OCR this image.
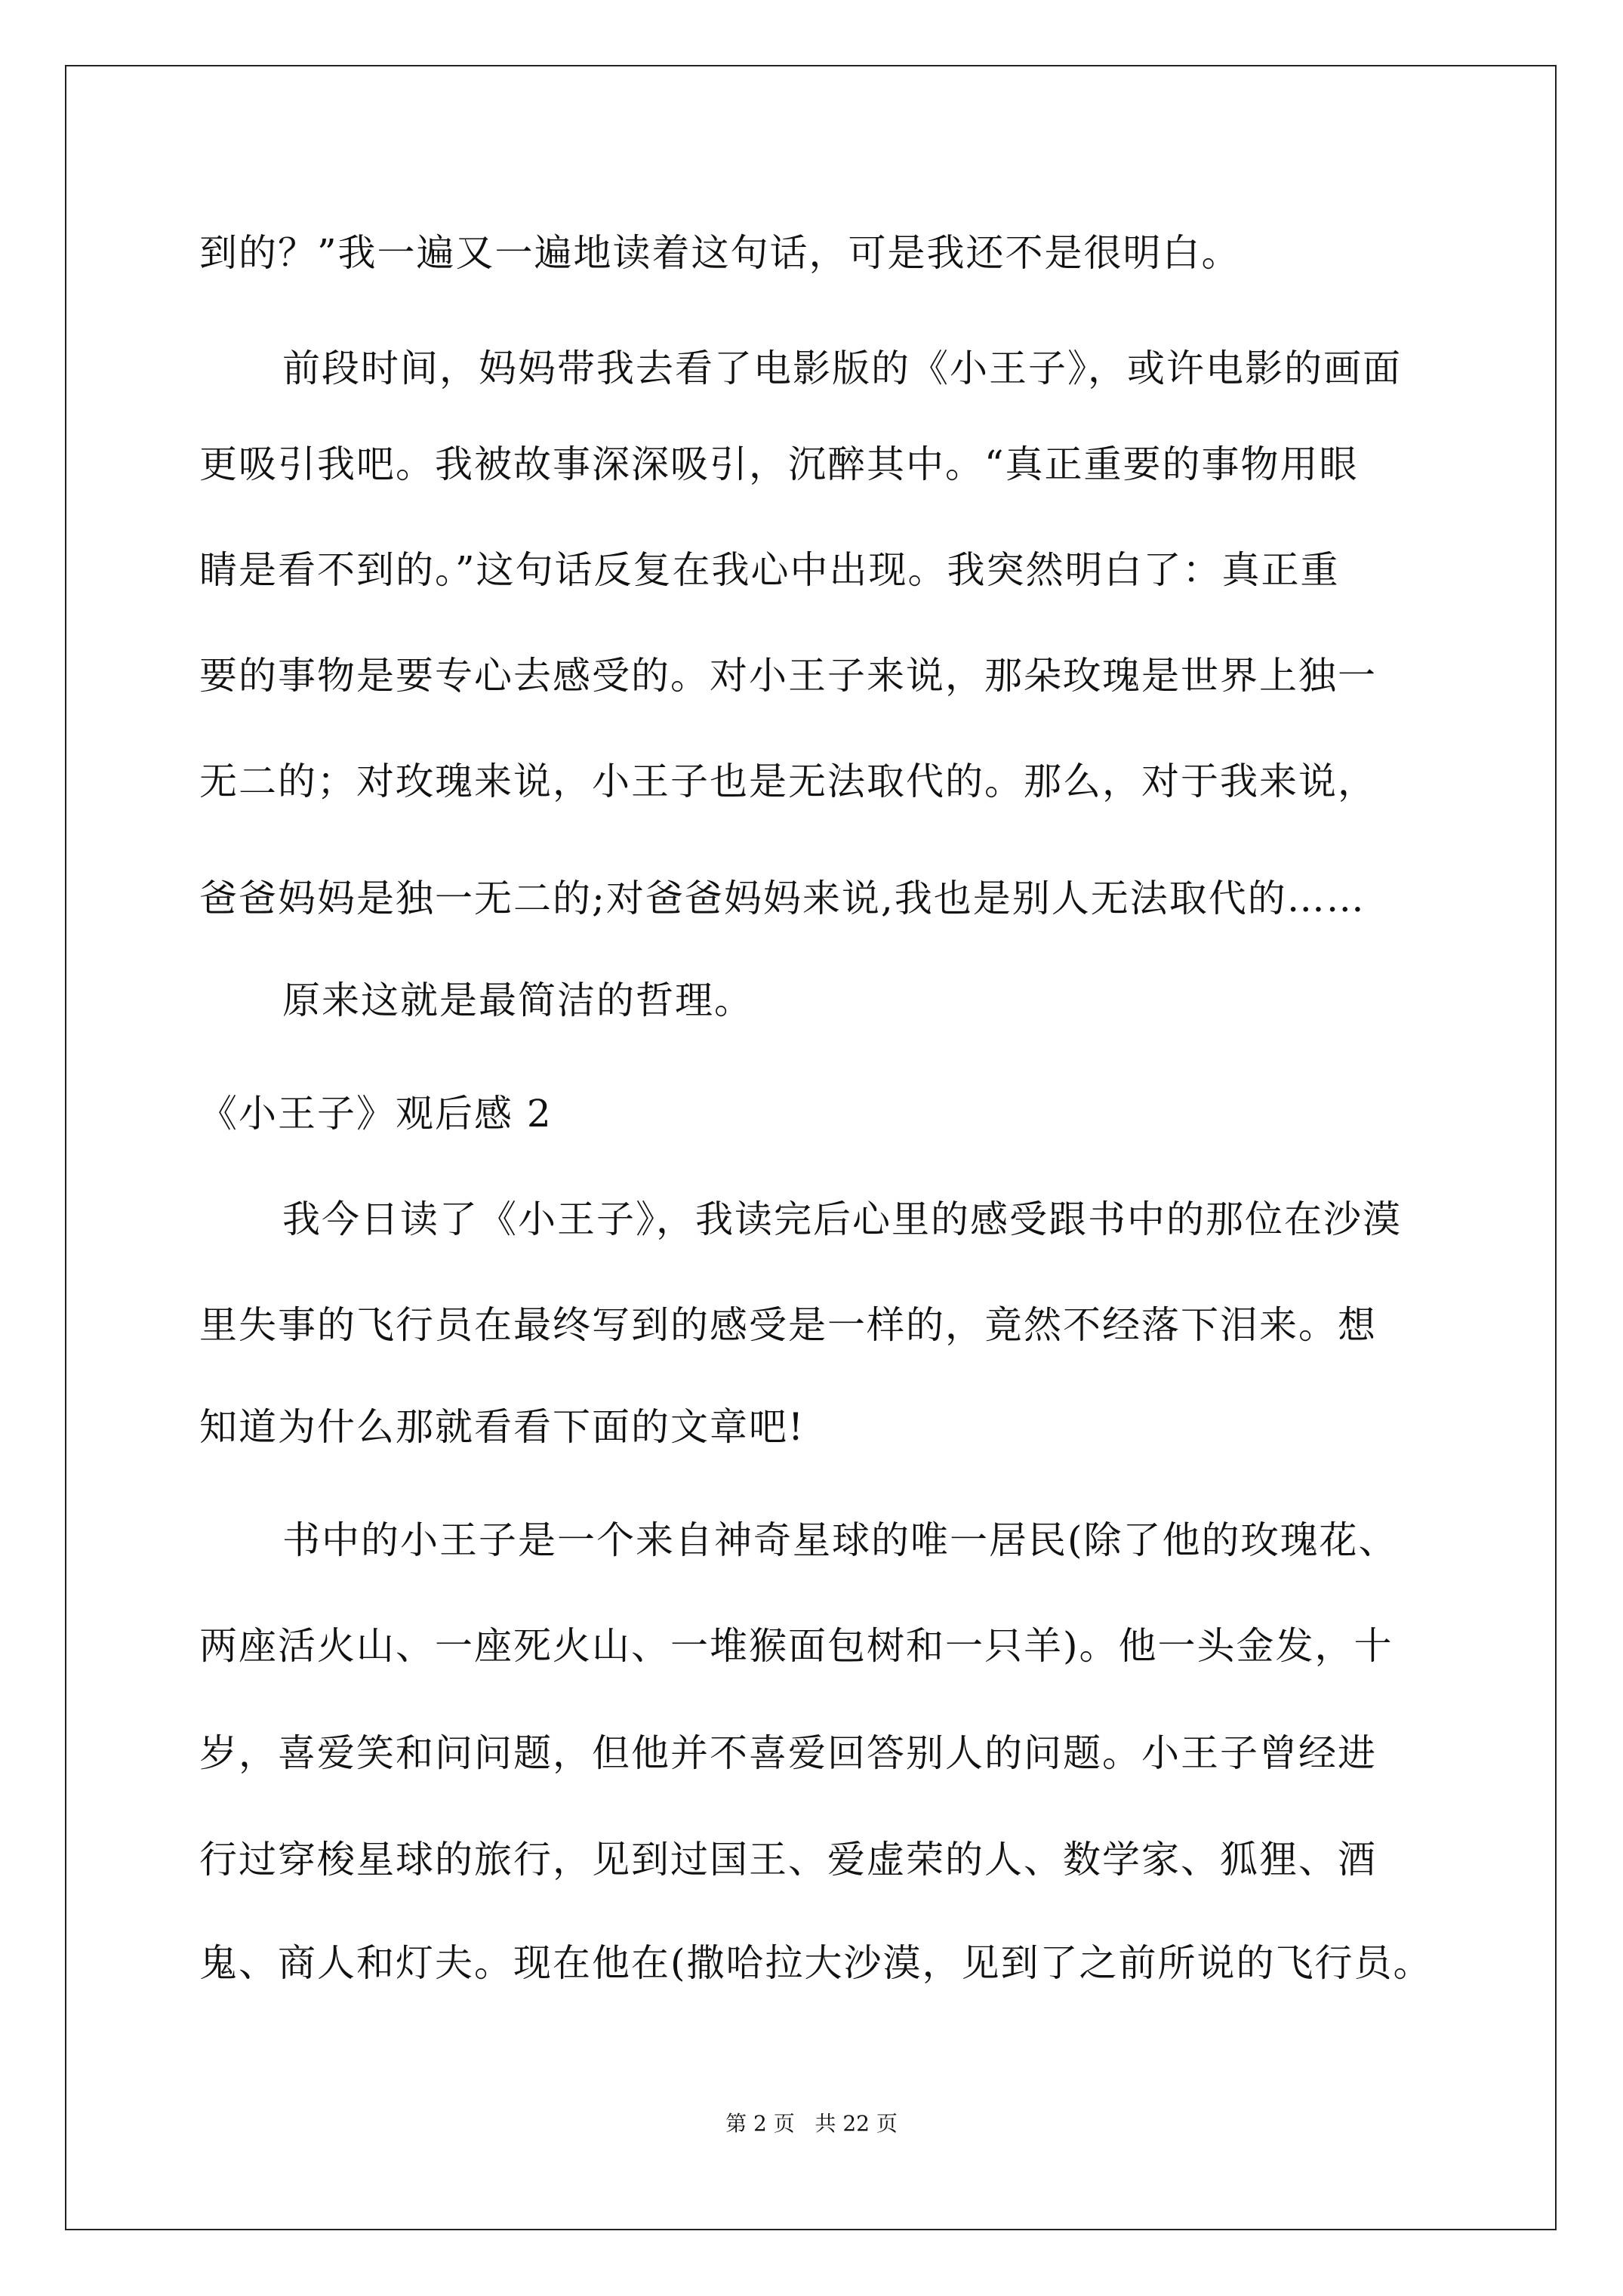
到的？”我一遍又一遍地读着这句话，可是我还不是很明白。
前段时间，妈妈带我去看了电影版的《小王子》，或许电影的画面
更吸引我吧。我被故事深深吸引，沉醉其中。“真正重要的事物用眼
睛是看不到的。”这句话反复在我心中出现。我突然明白了：真正重
要的事物是要专心去感受的。对小王子来说，那朵玫瑰是世界上独一
无二的；对玫瑰来说，小王子也是无法取代的。那么，对于我来说，
爸爸妈妈是独一无二的;对爸爸妈妈来说,我也是别人无法取代的……
原来这就是最简洁的哲理。
《小王子》观后感 2
我今日读了《小王子》，我读完后心里的感受跟书中的那位在沙漠
里失事的飞行员在最终写到的感受是一样的，竟然不经落下泪来。想
知道为什么那就看看下面的文章吧!
书中的小王子是一个来自神奇星球的唯一居民(除了他的玫瑰花、
两座活火山、一座死火山、一堆猴面包树和一只羊)。他一头金发，十
岁，喜爱笑和问问题，但他并不喜爱回答别人的问题。小王子曾经进
行过穿梭星球的旅行，见到过国王、爱虚荣的人、数学家、狐狸、酒
鬼、商人和灯夫。现在他在(撒哈拉大沙漠，见到了之前所说的飞行员。
第 2 页   共 22 页
